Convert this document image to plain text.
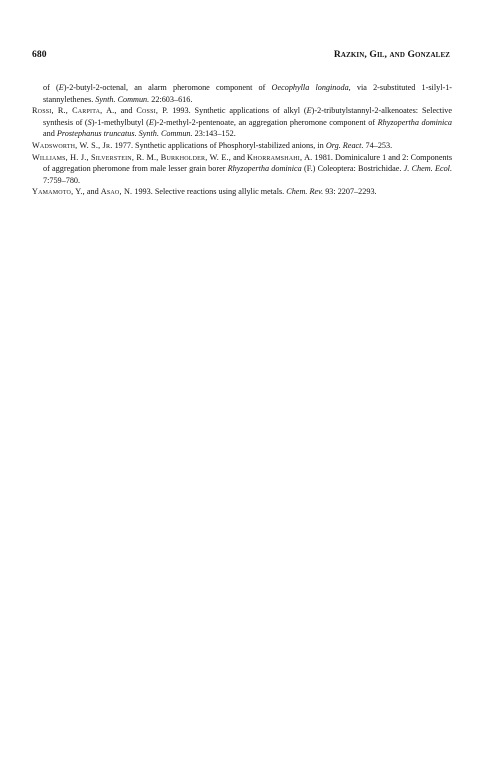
680	Razkin, Gil, and Gonzalez

of (E)-2-butyl-2-octenal, an alarm pheromone component of Oecophylla longinoda, via 2-substituted 1-silyl-1-stannylethenes. Synth. Commun. 22:603–616.

Rossi, R., Carpita, A., and Cossi, P. 1993. Synthetic applications of alkyl (E)-2-tributylstannyl-2-alkenoates: Selective synthesis of (S)-1-methylbutyl (E)-2-methyl-2-pentenoate, an aggregation pheromone component of Rhyzopertha dominica and Prostephanus truncatus. Synth. Commun. 23:143–152.

Wadsworth, W. S., Jr. 1977. Synthetic applications of Phosphoryl-stabilized anions, in Org. React. 74–253.

Williams, H. J., Silverstein, R. M., Burkholder, W. E., and Khorramshahi, A. 1981. Dominicalure 1 and 2: Components of aggregation pheromone from male lesser grain borer Rhyzopertha dominica (F.) Coleoptera: Bostrichidae. J. Chem. Ecol. 7:759–780.

Yamamoto, Y., and Asao, N. 1993. Selective reactions using allylic metals. Chem. Rev. 93: 2207–2293.
